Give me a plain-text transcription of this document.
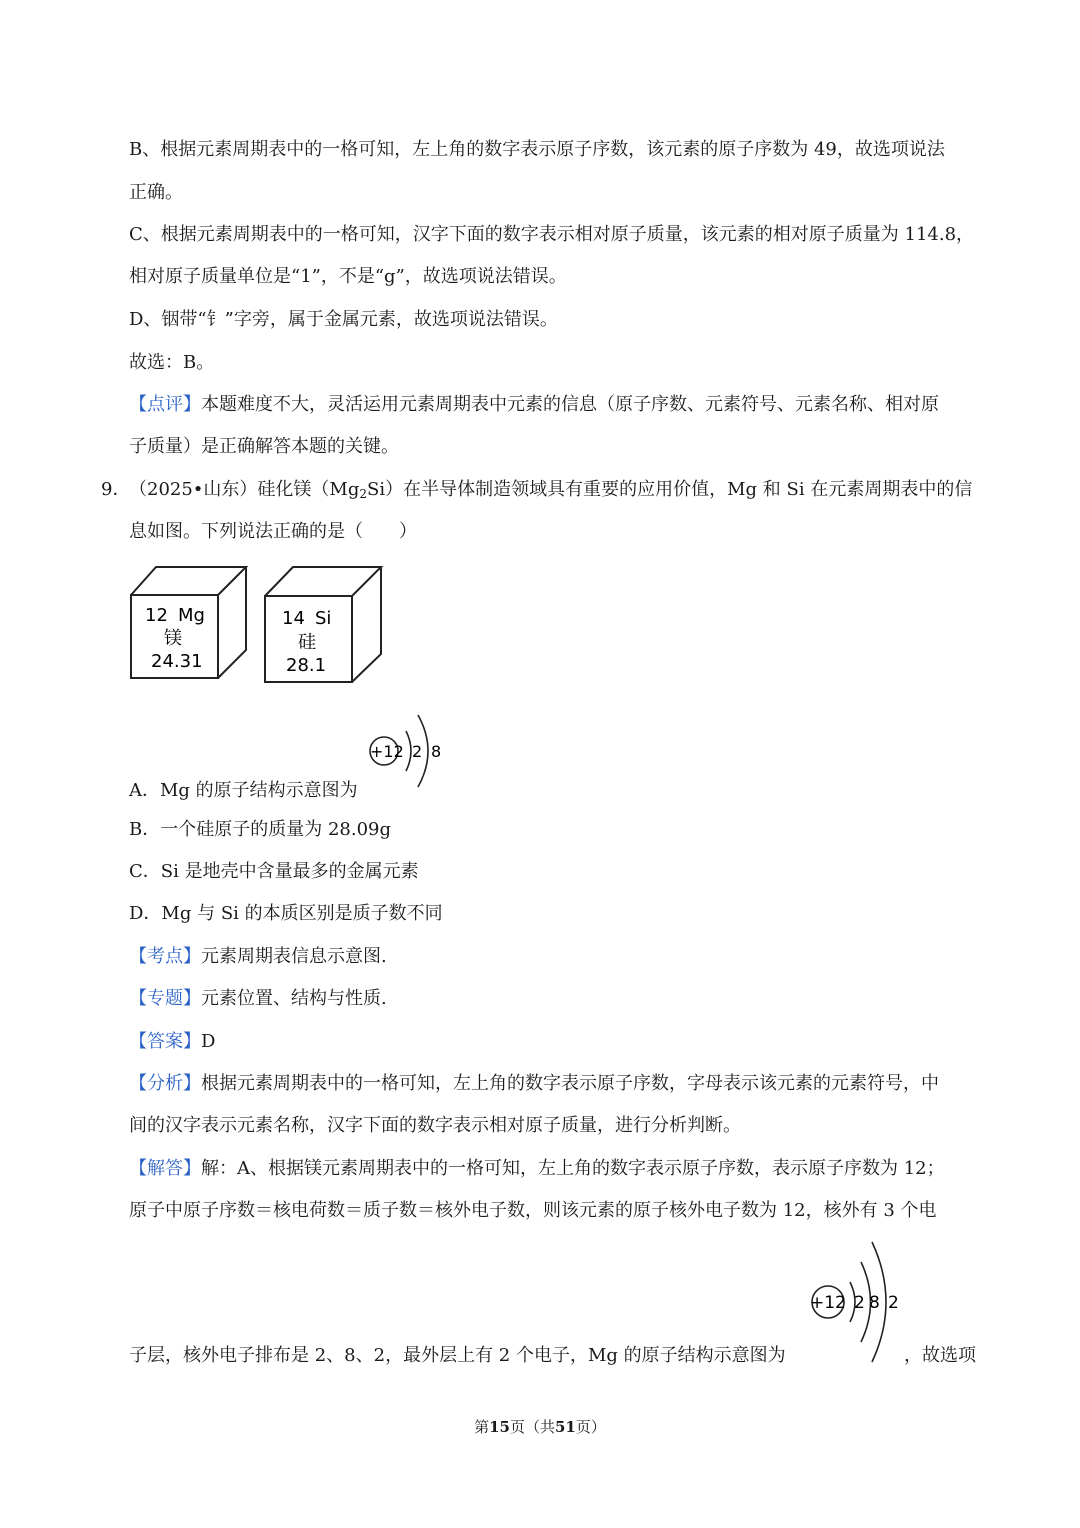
B、根据元素周期表中的一格可知，左上角的数字表示原子序数，该元素的原子序数为 49，故选项说法
正确。
C、根据元素周期表中的一格可知，汉字下面的数字表示相对原子质量，该元素的相对原子质量为 114.8，
相对原子质量单位是“1”，不是“g”，故选项说法错误。
D、铟带“钅”字旁，属于金属元素，故选项说法错误。
故选：B。
【点评】本题难度不大，灵活运用元素周期表中元素的信息（原子序数、元素符号、元素名称、相对原
子质量）是正确解答本题的关键。
9．
（2025•山东）硅化镁$(Mg_2Si)$在半导体制造领域具有重要的应用价值，Mg 和 Si 在元素周期表中的信
息如图。下列说法正确的是（　　）
12 Mg
镁
24.31
14 Si
硅
28.1
+12 2 8
A．Mg 的原子结构示意图为
B．一个硅原子的质量为 28.09g
C．Si 是地壳中含量最多的金属元素
D．Mg 与 Si 的本质区别是质子数不同
【考点】元素周期表信息示意图.
【专题】元素位置、结构与性质.
【答案】D
【分析】根据元素周期表中的一格可知，左上角的数字表示原子序数，字母表示该元素的元素符号，中
间的汉字表示元素名称，汉字下面的数字表示相对原子质量，进行分析判断。
【解答】解：A、根据镁元素周期表中的一格可知，左上角的数字表示原子序数，表示原子序数为 12；
原子中原子序数＝核电荷数＝质子数＝核外电子数，则该元素的原子核外电子数为 12，核外有 3 个电
+12 2 8 2
子层，核外电子排布是 2、8、2，最外层上有 2 个电子，Mg 的原子结构示意图为	，故选项
第15页（共51页）
